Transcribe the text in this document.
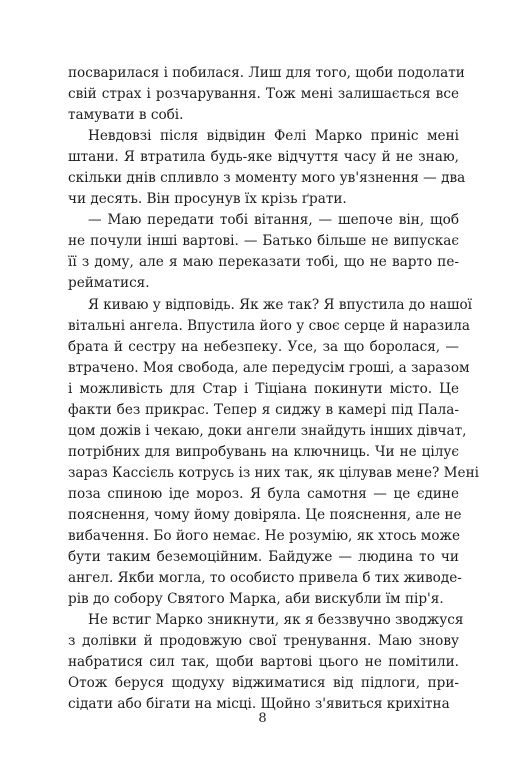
посварилася і побилася. Лиш для того, щоби подолати
свій страх і розчарування. Тож мені залишається все
тамувати в собі.
Невдовзі після відвідин Фелі Марко приніс мені
штани. Я втратила будь-яке відчуття часу й не знаю,
скільки днів спливло з моменту мого ув'язнення — два
чи десять. Він просунув їх крізь ґрати.
— Маю передати тобі вітання, — шепоче він, щоб
не почули інші вартові. — Батько більше не випускає
її з дому, але я маю переказати тобі, що не варто пе-
рейматися.
Я киваю у відповідь. Як же так? Я впустила до нашої
вітальні ангела. Впустила його у своє серце й наразила
брата й сестру на небезпеку. Усе, за що боролася, —
втрачено. Моя свобода, але передусім гроші, а заразом
і можливість для Стар і Тіціана покинути місто. Це
факти без прикрас. Тепер я сиджу в камері під Пала-
цом дожів і чекаю, доки ангели знайдуть інших дівчат,
потрібних для випробувань на ключниць. Чи не цілує
зараз Кассієль котрусь із них так, як цілував мене? Мені
поза спиною іде мороз. Я була самотня — це єдине
пояснення, чому йому довіряла. Це пояснення, але не
вибачення. Бо його немає. Не розумію, як хтось може
бути таким беземоційним. Байдуже — людина то чи
ангел. Якби могла, то особисто привела б тих живоде-
рів до собору Святого Марка, аби вискубли їм пір'я.
Не встиг Марко зникнути, як я беззвучно зводжуся
з долівки й продовжую свої тренування. Маю знову
набратися сил так, щоби вартові цього не помітили.
Отож беруся щодуху віджиматися від підлоги, при-
сідати або бігати на місці. Щойно з'явиться крихітна
8
